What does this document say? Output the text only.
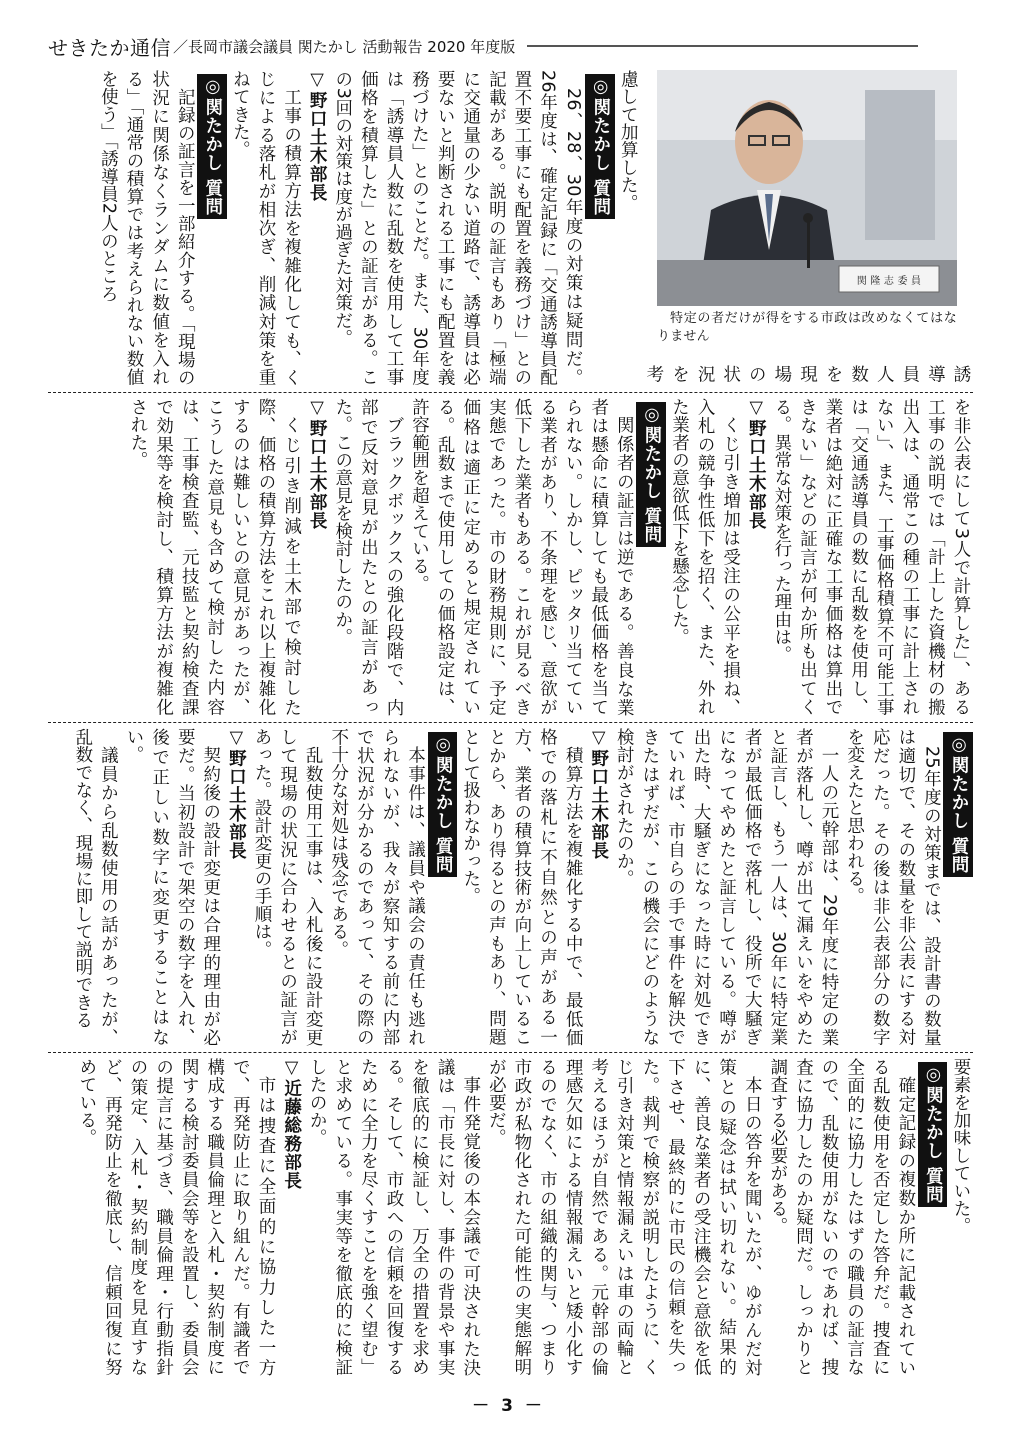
せきたか通信 ／長岡市議会議員 関たかし 活動報告 2020 年度版
関 隆 志 委 員

特定の者だけが得をする市政は改めなくてはなりません

誘導員人数を現場の状況を考慮して加算した。

◎関たかし 質問

26、28、30年度の対策は疑問だ。26年度は、確定記録に「交通誘導員配置不要工事にも配置を義務づけ」との記載がある。説明の証言もあり「極端に交通量の少ない道路で、誘導員は必要ないと判断される工事にも配置を義務づけた」とのことだ。また、30年度は「誘導員人数に乱数を使用して工事価格を積算した」との証言がある。この3回の対策は度が過ぎた対策だ。

▽野口土木部長

工事の積算方法を複雑化しても、くじによる落札が相次ぎ、削減対策を重ねてきた。

◎関たかし 質問

記録の証言を一部紹介する。「現場の状況に関係なくランダムに数値を入れる」「通常の積算では考えられない数値を使う」「誘導員2人のところ

を非公表にして3人で計算した」、ある工事の説明では「計上した資機材の搬出入は、通常この種の工事に計上されない」、また、工事価格積算不可能工事は「交通誘導員の数に乱数を使用し、業者は絶対に正確な工事価格は算出できない」などの証言が何か所も出てくる。異常な対策を行った理由は。

▽野口土木部長

くじ引き増加は受注の公平を損ね、入札の競争性低下を招く、また、外れた業者の意欲低下を懸念した。

◎関たかし 質問

関係者の証言は逆である。善良な業者は懸命に積算しても最低価格を当てられない。しかし、ピッタリ当てている業者があり、不条理を感じ、意欲が低下した業者もある。これが見るべき実態であった。市の財務規則に、予定価格は適正に定めると規定されている。乱数まで使用しての価格設定は、許容範囲を超えている。

ブラックボックスの強化段階で、内部で反対意見が出たとの証言があった。この意見を検討したのか。

▽野口土木部長

くじ引き削減を土木部で検討した際、価格の積算方法をこれ以上複雑化するのは難しいとの意見があったが、こうした意見も含めて検討した内容は、工事検査監、元技監と契約検査課で効果等を検討し、積算方法が複雑化された。

◎関たかし 質問

25年度の対策までは、設計書の数量は適切で、その数量を非公表にする対応だった。その後は非公表部分の数字を変えたと思われる。

一人の元幹部は、29年度に特定の業者が落札し、噂が出て漏えいをやめたと証言し、もう一人は、30年に特定業者が最低価格で落札し、役所で大騒ぎになってやめたと証言している。噂が出た時、大騒ぎになった時に対処できていれば、市自らの手で事件を解決できたはずだが、この機会にどのような検討がされたのか。

▽野口土木部長

積算方法を複雑化する中で、最低価格での落札に不自然との声がある一方、業者の積算技術が向上していることから、あり得るとの声もあり、問題として扱わなかった。

◎関たかし 質問

本事件は、議員や議会の責任も逃れられないが、我々が察知する前に内部で状況が分かるのであって、その際の不十分な対処は残念である。

乱数使用工事は、入札後に設計変更して現場の状況に合わせるとの証言があった。設計変更の手順は。

▽野口土木部長

契約後の設計変更は合理的理由が必要だ。当初設計で架空の数字を入れ、後で正しい数字に変更することはない。

議員から乱数使用の話があったが、乱数でなく、現場に即して説明できる

要素を加味していた。

◎関たかし 質問

確定記録の複数か所に記載されている乱数使用を否定した答弁だ。捜査に全面的に協力したはずの職員の証言なので、乱数使用がないのであれば、捜査に協力したのか疑問だ。しっかりと調査する必要がある。

本日の答弁を聞いたが、ゆがんだ対策との疑念は拭い切れない。結果的に、善良な業者の受注機会と意欲を低下させ、最終的に市民の信頼を失った。裁判で検察が説明したように、くじ引き対策と情報漏えいは車の両輪と考えるほうが自然である。元幹部の倫理感欠如による情報漏えいと矮小化するのでなく、市の組織的関与、つまり市政が私物化された可能性の実態解明が必要だ。

事件発覚後の本会議で可決された決議は「市長に対し、事件の背景や事実を徹底的に検証し、万全の措置を求める。そして、市政への信頼を回復するために全力を尽くすことを強く望む」と求めている。事実等を徹底的に検証したのか。

▽近藤総務部長

市は捜査に全面的に協力した一方で、再発防止に取り組んだ。有識者で構成する職員倫理と入札・契約制度に関する検討委員会等を設置し、委員会の提言に基づき、職員倫理・行動指針の策定、入札・契約制度を見直すなど、再発防止を徹底し、信頼回復に努めている。

－ 3 －
